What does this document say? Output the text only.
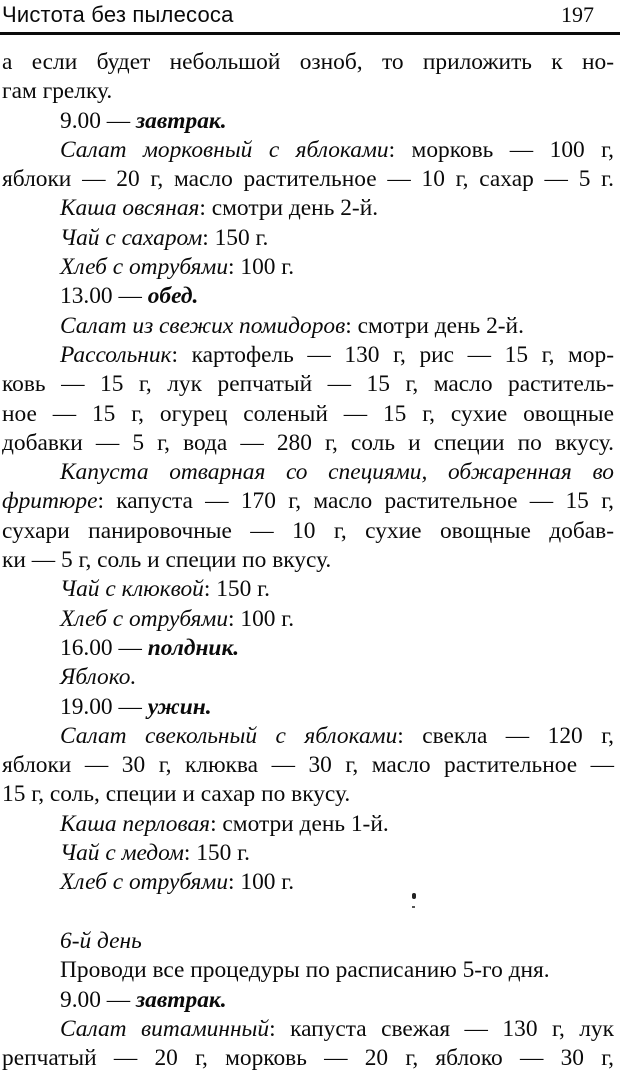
Чистота без пылесоса	197
а если будет небольшой озноб, то приложить к но-
гам грелку.
9.00 — завтрак.
Салат морковный с яблоками: морковь — 100 г,
яблоки — 20 г, масло растительное — 10 г, сахар — 5 г.
Каша овсяная: смотри день 2-й.
Чай с сахаром: 150 г.
Хлеб с отрубями: 100 г.
13.00 — обед.
Салат из свежих помидоров: смотри день 2-й.
Рассольник: картофель — 130 г, рис — 15 г, мор-
ковь — 15 г, лук репчатый — 15 г, масло раститель-
ное — 15 г, огурец соленый — 15 г, сухие овощные
добавки — 5 г, вода — 280 г, соль и специи по вкусу.
Капуста отварная со специями, обжаренная во
фритюре: капуста — 170 г, масло растительное — 15 г,
сухари панировочные — 10 г, сухие овощные добав-
ки — 5 г, соль и специи по вкусу.
Чай с клюквой: 150 г.
Хлеб с отрубями: 100 г.
16.00 — полдник.
Яблоко.
19.00 — ужин.
Салат свекольный с яблоками: свекла — 120 г,
яблоки — 30 г, клюква — 30 г, масло растительное —
15 г, соль, специи и сахар по вкусу.
Каша перловая: смотри день 1-й.
Чай с медом: 150 г.
Хлеб с отрубями: 100 г.
6-й день
Проводи все процедуры по расписанию 5-го дня.
9.00 — завтрак.
Салат витаминный: капуста свежая — 130 г, лук
репчатый — 20 г, морковь — 20 г, яблоко — 30 г,
